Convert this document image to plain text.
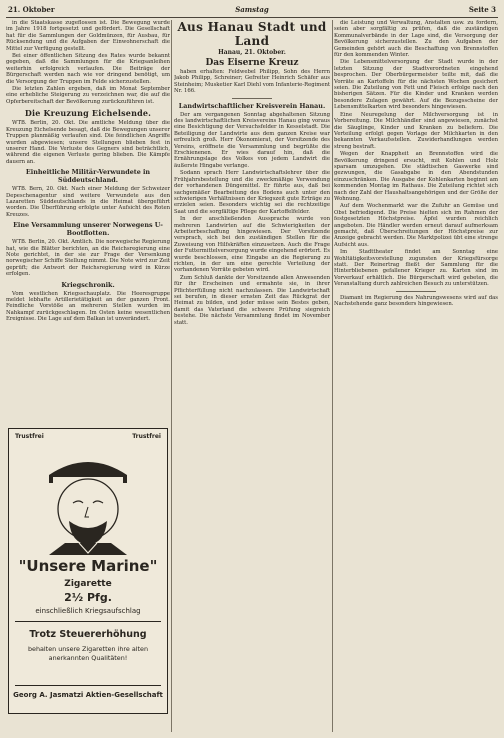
21. Oktober	Samstag	Seite 3

in die Staatskasse zugeflossen ist. Die Bewegung wurde im Jahre 1918 fortgesetzt und gefördert. Die Gesellschaft hat für die Sammlungen der Goldmünzen, für Ausbau, für Rücksendung und die Aufgaben der Einwohnerschaft die Mittel zur Verfügung gestellt.

Bei einer öffentlichen Sitzung des Rates wurde bekannt gegeben, daß die Sammlungen für die Kriegsanleihen weiterhin erfolgreich verlaufen. Die Beiträge der Bürgerschaft werden nach wie vor dringend benötigt, um die Versorgung der Truppen im Felde sicherzustellen.

Die letzten Zahlen ergeben, daß im Monat September eine erhebliche Steigerung zu verzeichnen war, die auf die Opferbereitschaft der Bevölkerung zurückzuführen ist.

Die Kreuzung Eichelsende.

WTB. Berlin, 20. Okt. Die amtliche Meldung über die Kreuzung Eichelsende besagt, daß die Bewegungen unserer Truppen planmäßig verlaufen sind. Die feindlichen Angriffe wurden abgewiesen; unsere Stellungen blieben fest in unserer Hand. Die Verluste des Gegners sind beträchtlich, während die eigenen Verluste gering blieben. Die Kämpfe dauern an.

Einheitliche Militär-Verwundete in Süddeutschland.

WTB. Bern, 20. Okt. Nach einer Meldung der Schweizer Depeschenagentur sind weitere Verwundete aus den Lazaretten Süddeutschlands in die Heimat übergeführt worden. Die Überführung erfolgte unter Aufsicht des Roten Kreuzes.

Eine Versammlung unserer Norwegens U-Bootflotten.

WTB. Berlin, 20. Okt. Amtlich. Die norwegische Regierung hat, wie die Blätter berichten, an die Reichsregierung eine Note gerichtet, in der sie zur Frage der Versenkung norwegischer Schiffe Stellung nimmt. Die Note wird zur Zeit geprüft; die Antwort der Reichsregierung wird in Kürze erfolgen.

Kriegschronik.

Vom westlichen Kriegsschauplatz. Die Heeresgruppe meldet lebhafte Artillerietätigkeit an der ganzen Front. Feindliche Vorstöße an mehreren Stellen wurden im Nahkampf zurückgeschlagen. Im Osten keine wesentlichen Ereignisse. Die Lage auf dem Balkan ist unverändert.

Trustfrei	Trustfrei
"Unsere Marine"
Zigarette
2½ Pfg.
einschließlich Kriegsaufschlag
Trotz Steuererhöhung
behalten unsere Zigaretten ihre alten anerkannten Qualitäten!
Georg A. Jasmatzi Aktien-Gesellschaft
Aus Hanau Stadt und Land
Hanau, 21. Oktober.
Das Eiserne Kreuz

haben erhalten: Feldwebel Philipp, Sohn des Herrn Jakob Philipp, Schreiner; Gefreiter Heinrich Schäfer aus Steinheim; Musketier Karl Diehl vom Infanterie-Regiment Nr. 166.

Landwirtschaftlicher Kreisverein Hanau.

Der am vergangenen Sonntag abgehaltenen Sitzung des landwirtschaftlichen Kreisvereins Hanau ging voraus eine Besichtigung der Versuchsfelder in Kesselstadt. Die Beteiligung der Landwirte aus dem ganzen Kreise war erfreulich groß. Herr Ökonomierat, der Vorsitzende des Vereins, eröffnete die Versammlung und begrüßte die Erschienenen. Er wies darauf hin, daß die Ernährungslage des Volkes von jedem Landwirt die äußerste Hingabe verlange.

Sodann sprach Herr Landwirtschaftslehrer über die Frühjahrsbestellung und die zweckmäßige Verwendung der vorhandenen Düngemittel. Er führte aus, daß bei sachgemäßer Bearbeitung des Bodens auch unter den schwierigen Verhältnissen der Kriegszeit gute Erträge zu erzielen seien. Besonders wichtig sei die rechtzeitige Saat und die sorgfältige Pflege der Kartoffelfelder.

In der anschließenden Aussprache wurde von mehreren Landwirten auf die Schwierigkeiten der Arbeiterbeschaffung hingewiesen. Der Vorsitzende versprach, sich bei den zuständigen Stellen für die Zuweisung von Hilfskräften einzusetzen. Auch die Frage der Futtermittelversorgung wurde eingehend erörtert. Es wurde beschlossen, eine Eingabe an die Regierung zu richten, in der um eine gerechte Verteilung der vorhandenen Vorräte gebeten wird.

Zum Schluß dankte der Vorsitzende allen Anwesenden für ihr Erscheinen und ermahnte sie, in ihrer Pflichterfüllung nicht nachzulassen. Die Landwirtschaft sei berufen, in dieser ernsten Zeit das Rückgrat der Heimat zu bilden, und jeder müsse sein Bestes geben, damit das Vaterland die schwere Prüfung siegreich bestehe. Die nächste Versammlung findet im November statt.

die Leistung und Verwaltung, Anstalten usw. zu fordern, seien aber sorgfältig zu prüfen, daß die zuständigen Kommunalverbände in der Lage sind, die Versorgung der Bevölkerung sicherzustellen. Zu den Aufgaben der Gemeinden gehört auch die Beschaffung von Brennstoffen für den kommenden Winter.

Die Lebensmittelversorgung der Stadt wurde in der letzten Sitzung der Stadtverordneten eingehend besprochen. Der Oberbürgermeister teilte mit, daß die Vorräte an Kartoffeln für die nächsten Wochen gesichert seien. Die Zuteilung von Fett und Fleisch erfolge nach den bisherigen Sätzen. Für die Kinder und Kranken werden besondere Zulagen gewährt. Auf die Bezugsscheine der Lebensmittelkarten wird besonders hingewiesen.

Eine Neuregelung der Milchversorgung ist in Vorbereitung. Die Milchhändler sind angewiesen, zunächst die Säuglinge, Kinder und Kranken zu beliefern. Die Verteilung erfolgt gegen Vorlage der Milchkarten in den bekannten Verkaufsstellen. Zuwiderhandlungen werden streng bestraft.

Wegen der Knappheit an Brennstoffen wird die Bevölkerung dringend ersucht, mit Kohlen und Holz sparsam umzugehen. Die städtischen Gaswerke sind gezwungen, die Gasabgabe in den Abendstunden einzuschränken. Die Ausgabe der Kohlenkarten beginnt am kommenden Montag im Rathaus. Die Zuteilung richtet sich nach der Zahl der Haushaltsangehörigen und der Größe der Wohnung.

Auf dem Wochenmarkt war die Zufuhr an Gemüse und Obst befriedigend. Die Preise hielten sich im Rahmen der festgesetzten Höchstpreise. Äpfel wurden reichlich angeboten. Die Händler werden erneut darauf aufmerksam gemacht, daß Überschreitungen der Höchstpreise zur Anzeige gebracht werden. Die Marktpolizei übt eine strenge Aufsicht aus.

Im Stadttheater findet am Sonntag eine Wohltätigkeitsvorstellung zugunsten der Kriegsfürsorge statt. Der Reinertrag fließt der Sammlung für die Hinterbliebenen gefallener Krieger zu. Karten sind im Vorverkauf erhältlich. Die Bürgerschaft wird gebeten, die Veranstaltung durch zahlreichen Besuch zu unterstützen.

Diamant im Regierung des Nahrungswesens wird auf das Nachstehende ganz besonders hingewiesen.
